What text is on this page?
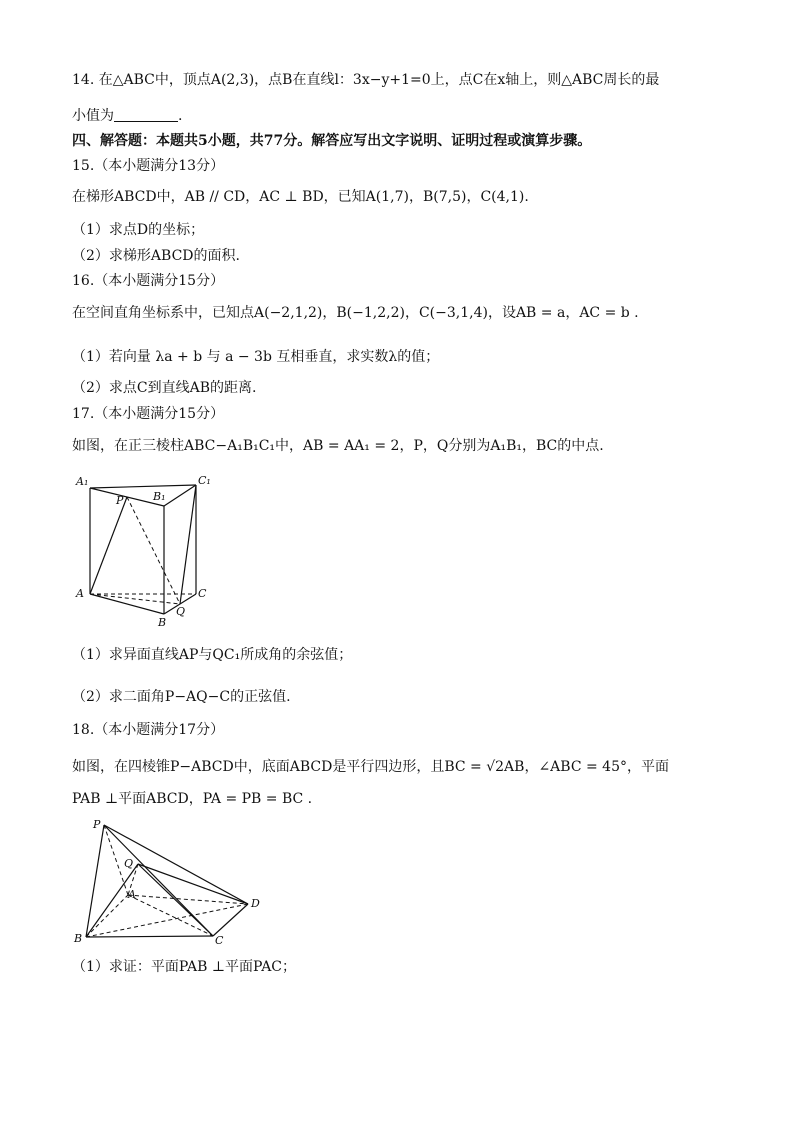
14. 在△ABC中，顶点A(2,3)，点B在直线l：3x−y+1=0上，点C在x轴上，则△ABC周长的最
小值为	.
四、解答题：本题共5小题，共77分。解答应写出文字说明、证明过程或演算步骤。
15.（本小题满分13分）
在梯形ABCD中，AB // CD，AC ⊥ BD，已知A(1,7)，B(7,5)，C(4,1).
（1）求点D的坐标；
（2）求梯形ABCD的面积.
16.（本小题满分15分）
在空间直角坐标系中，已知点A(−2,1,2)，B(−1,2,2)，C(−3,1,4)，设AB = a，AC = b .
（1）若向量 λa + b 与 a − 3b 互相垂直，求实数λ的值；
（2）求点C到直线AB的距离.
17.（本小题满分15分）
如图，在正三棱柱ABC−A₁B₁C₁中，AB = AA₁ = 2，P，Q分别为A₁B₁，BC的中点.
A₁
B₁
C₁
P
A	C
Q
B
（1）求异面直线AP与QC₁所成角的余弦值；
（2）求二面角P−AQ−C的正弦值.
18.（本小题满分17分）
如图，在四棱锥P−ABCD中，底面ABCD是平行四边形，且BC = √2AB，∠ABC = 45°，平面
PAB ⊥平面ABCD，PA = PB = BC .
P
Q
A
B	C
D
（1）求证：平面PAB ⊥平面PAC；
